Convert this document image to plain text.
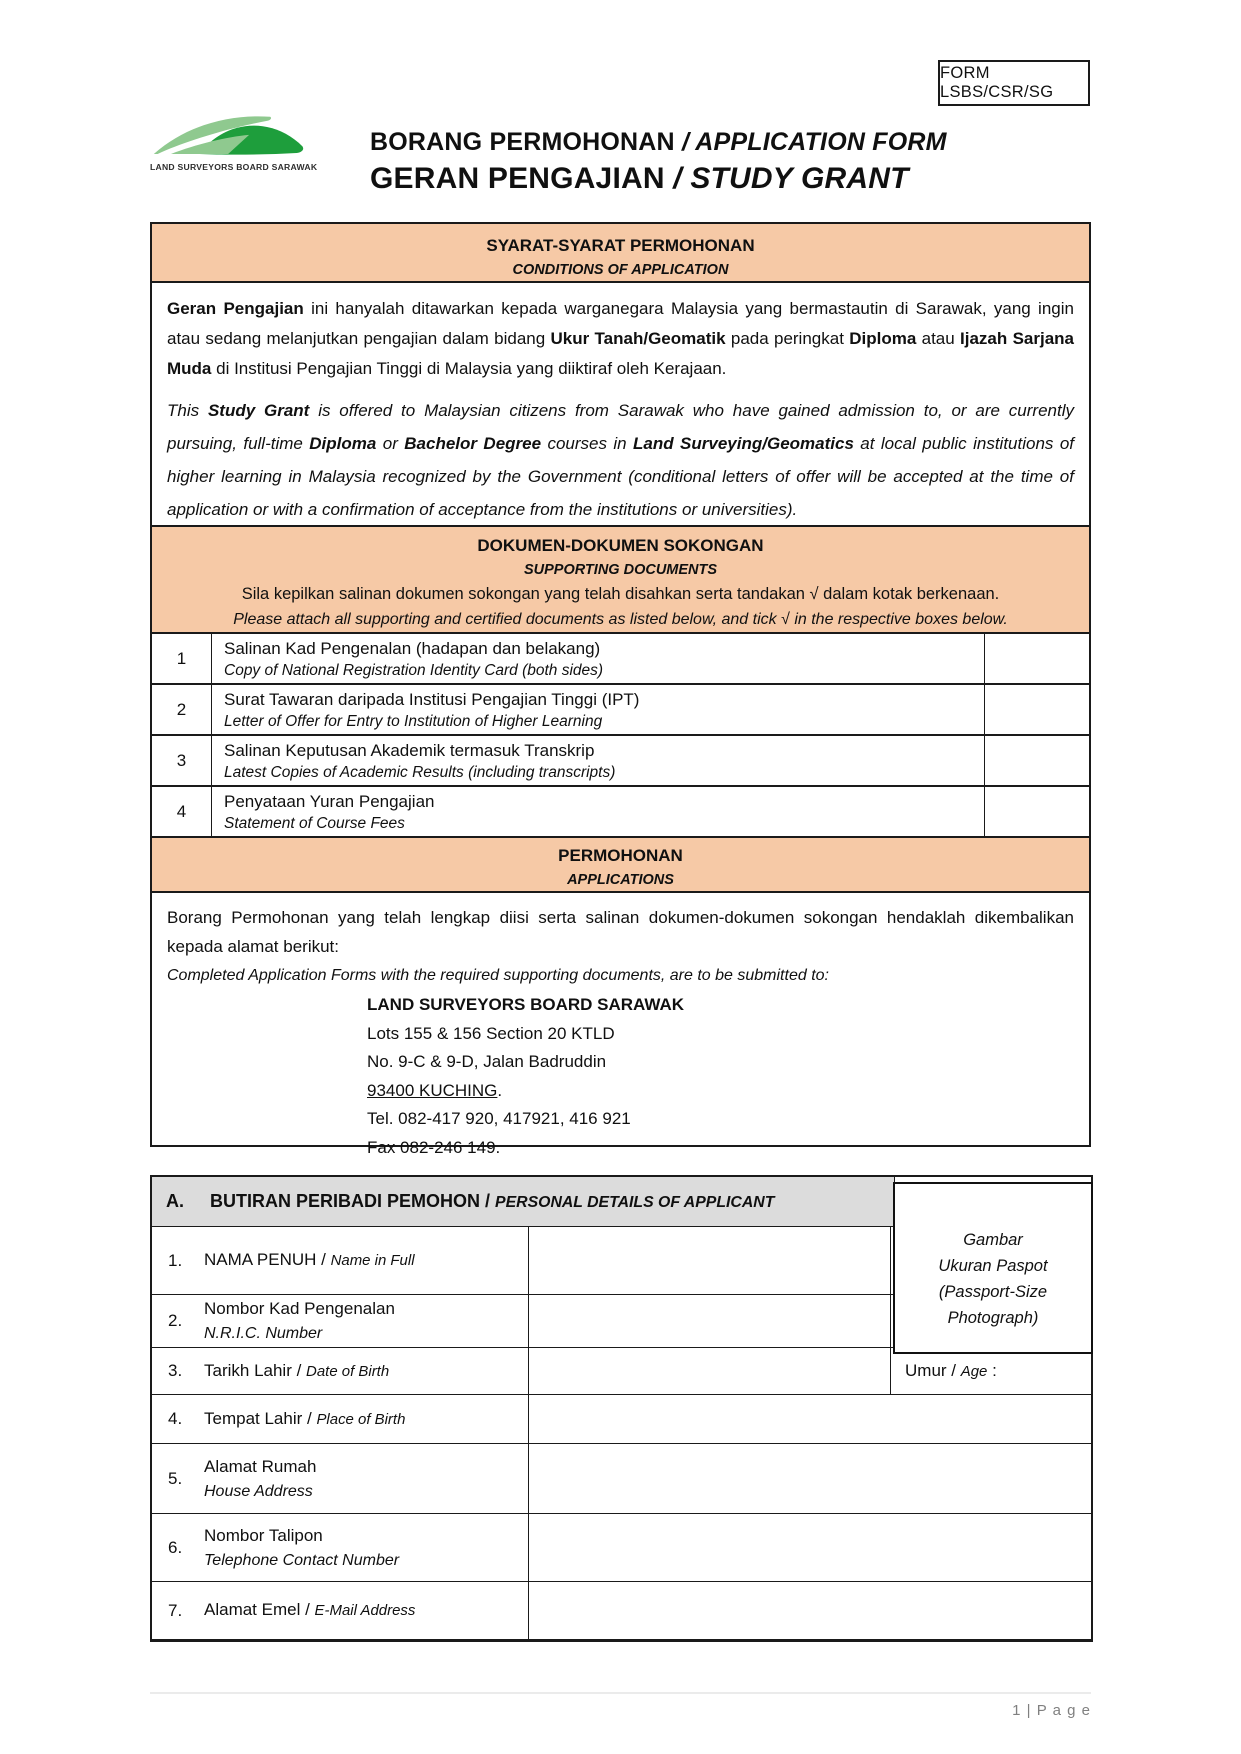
FORM LSBS/CSR/SG
LAND SURVEYORS BOARD SARAWAK
BORANG PERMOHONAN / APPLICATION FORM
GERAN PENGAJIAN / STUDY GRANT
SYARAT-SYARAT PERMOHONAN
CONDITIONS OF APPLICATION
Geran Pengajian ini hanyalah ditawarkan kepada warganegara Malaysia yang bermastautin di Sarawak, yang ingin atau sedang melanjutkan pengajian dalam bidang Ukur Tanah/Geomatik pada peringkat Diploma atau Ijazah Sarjana Muda di Institusi Pengajian Tinggi di Malaysia yang diiktiraf oleh Kerajaan.
This Study Grant is offered to Malaysian citizens from Sarawak who have gained admission to, or are currently pursuing, full-time Diploma or Bachelor Degree courses in Land Surveying/Geomatics at local public institutions of higher learning in Malaysia recognized by the Government (conditional letters of offer will be accepted at the time of application or with a confirmation of acceptance from the institutions or universities).
DOKUMEN-DOKUMEN SOKONGAN
SUPPORTING DOCUMENTS
Sila kepilkan salinan dokumen sokongan yang telah disahkan serta tandakan √ dalam kotak berkenaan.
Please attach all supporting and certified documents as listed below, and tick √ in the respective boxes below.
1
Salinan Kad Pengenalan (hadapan dan belakang)
Copy of National Registration Identity Card (both sides)
2
Surat Tawaran daripada Institusi Pengajian Tinggi (IPT)
Letter of Offer for Entry to Institution of Higher Learning
3
Salinan Keputusan Akademik termasuk Transkrip
Latest Copies of Academic Results (including transcripts)
4
Penyataan Yuran Pengajian
Statement of Course Fees
PERMOHONAN
APPLICATIONS
Borang Permohonan yang telah lengkap diisi serta salinan dokumen-dokumen sokongan hendaklah dikembalikan kepada alamat berikut:
Completed Application Forms with the required supporting documents, are to be submitted to:
LAND SURVEYORS BOARD SARAWAK
Lots 155 & 156 Section 20 KTLD
No. 9-C & 9-D, Jalan Badruddin
93400 KUCHING.
Tel. 082-417 920, 417921, 416 921
Fax 082-246 149.
A.	BUTIRAN PERIBADI PEMOHON / PERSONAL DETAILS OF APPLICANT
1.	NAMA PENUH / Name in Full
2.
Nombor Kad Pengenalan
N.R.I.C. Number
3.	Tarikh Lahir / Date of Birth	Umur / Age :
4.	Tempat Lahir / Place of Birth
5.
Alamat Rumah
House Address
6.
Nombor Talipon
Telephone Contact Number
7.	Alamat Emel / E-Mail Address
Gambar
Ukuran Paspot
(Passport-Size
Photograph)
1 | P a g e
